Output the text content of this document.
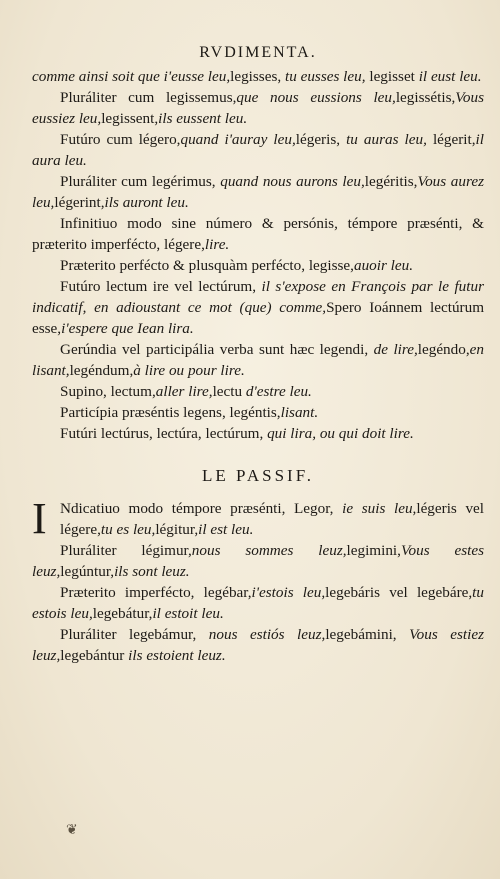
RVDIMENTA.

comme ainsi soit que i'eusse leu,legisses, tu eusses leu, legisset il eust leu.

Pluráliter cum legissemus,que nous eussions leu,legissétis,Vous eussiez leu,legissent,ils eussent leu.

Futúro cum légero,quand i'auray leu,légeris, tu auras leu, légerit,il aura leu.

Pluráliter cum legérimus, quand nous aurons leu,legéritis,Vous aurez leu,légerint,ils auront leu.

Infinitiuo modo sine número & persónis, témpore præsénti, & præterito imperfécto, légere,lire.

Præterito perfécto & plusquàm perfécto, legisse,auoir leu.

Futúro lectum ire vel lectúrum, il s'expose en François par le futur indicatif, en adioustant ce mot (que) comme,Spero Ioánnem lectúrum esse,i'espere que Iean lira.

Gerúndia vel participália verba sunt hæc legendi, de lire,legéndo,en lisant,legéndum,à lire ou pour lire.

Supino, lectum,aller lire,lectu d'estre leu.

Particípia præséntis legens, legéntis,lisant.

Futúri lectúrus, lectúra, lectúrum, qui lira, ou qui doit lire.

LE PASSIF.

I Ndicatiuo modo témpore præsénti, Legor, ie suis leu,légeris vel légere,tu es leu,légitur,il est leu.

Pluráliter légimur,nous sommes leuz,legimini,Vous estes leuz,legúntur,ils sont leuz.

Præterito imperfécto, legébar,i'estois leu,legebáris vel legebáre,tu estois leu,legebátur,il estoit leu.

Pluráliter legebámur, nous estiós leuz,legebámini, Vous estiez leuz,legebántur ils estoient leuz.

❦
